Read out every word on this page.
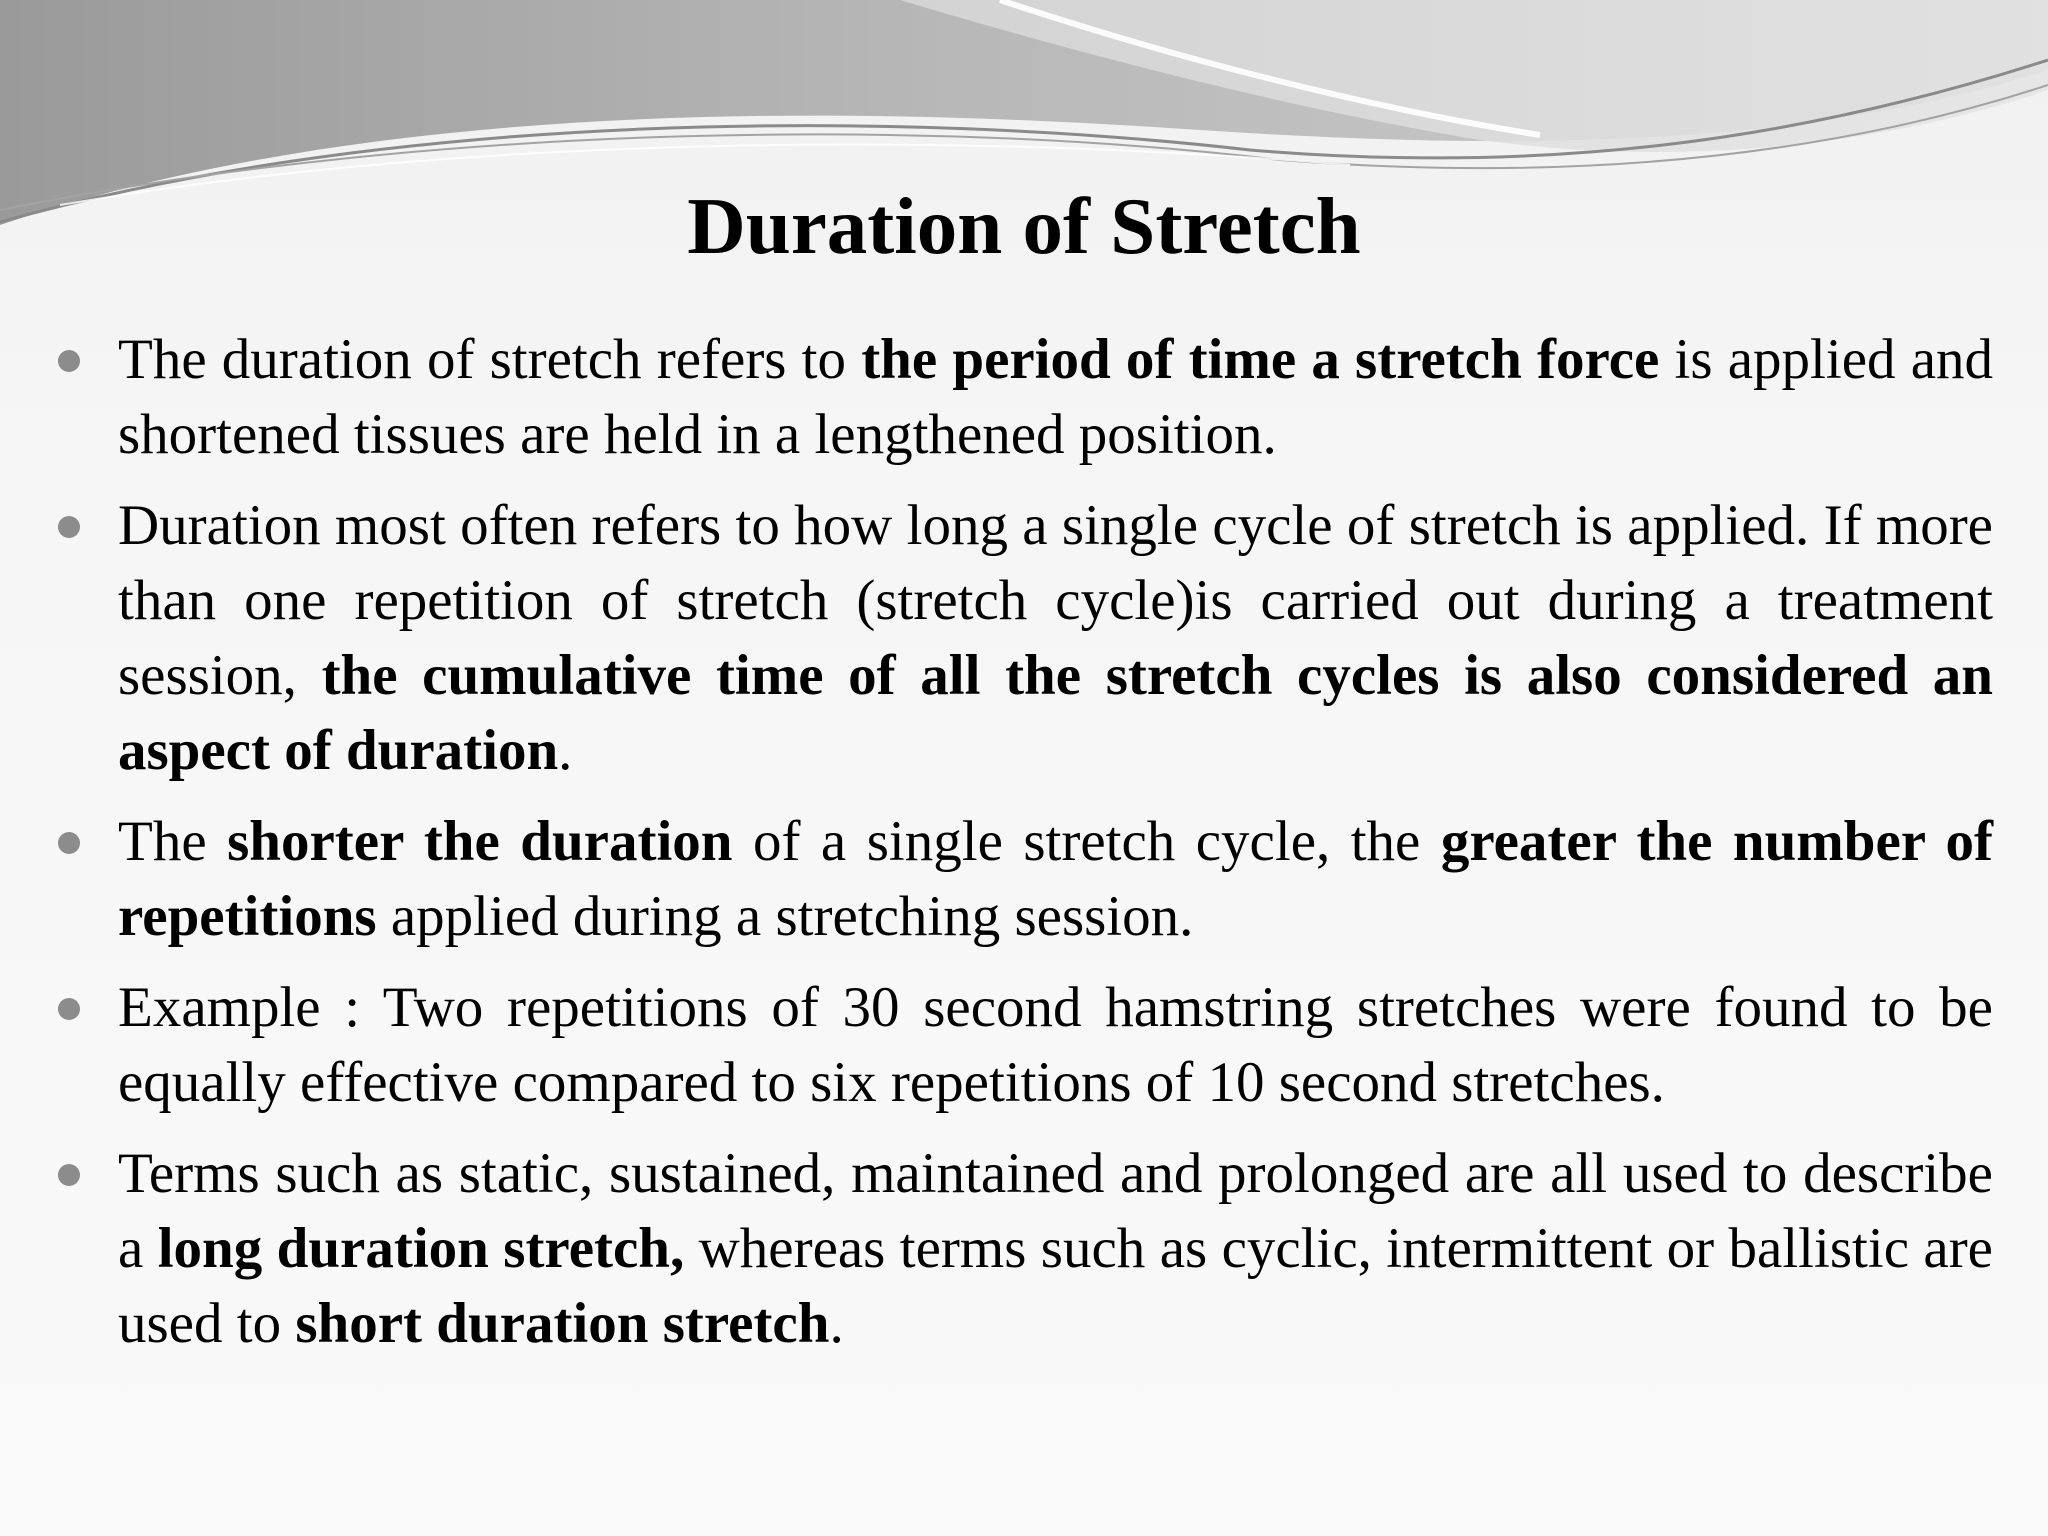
Duration of Stretch
The duration of stretch refers to the period of time a stretch force is applied and shortened tissues are held in a lengthened position.
Duration most often refers to how long a single cycle of stretch is applied. If more than one repetition of stretch (stretch cycle)is carried out during a treatment session, the cumulative time of all the stretch cycles is also considered an aspect of duration.
The shorter the duration of a single stretch cycle, the greater the number of repetitions applied during a stretching session.
Example : Two repetitions of 30 second hamstring stretches were found to be equally effective compared to six repetitions of 10 second stretches.
Terms such as static, sustained, maintained and prolonged are all used to describe a long duration stretch, whereas terms such as cyclic, intermittent or ballistic are used to short duration stretch.
